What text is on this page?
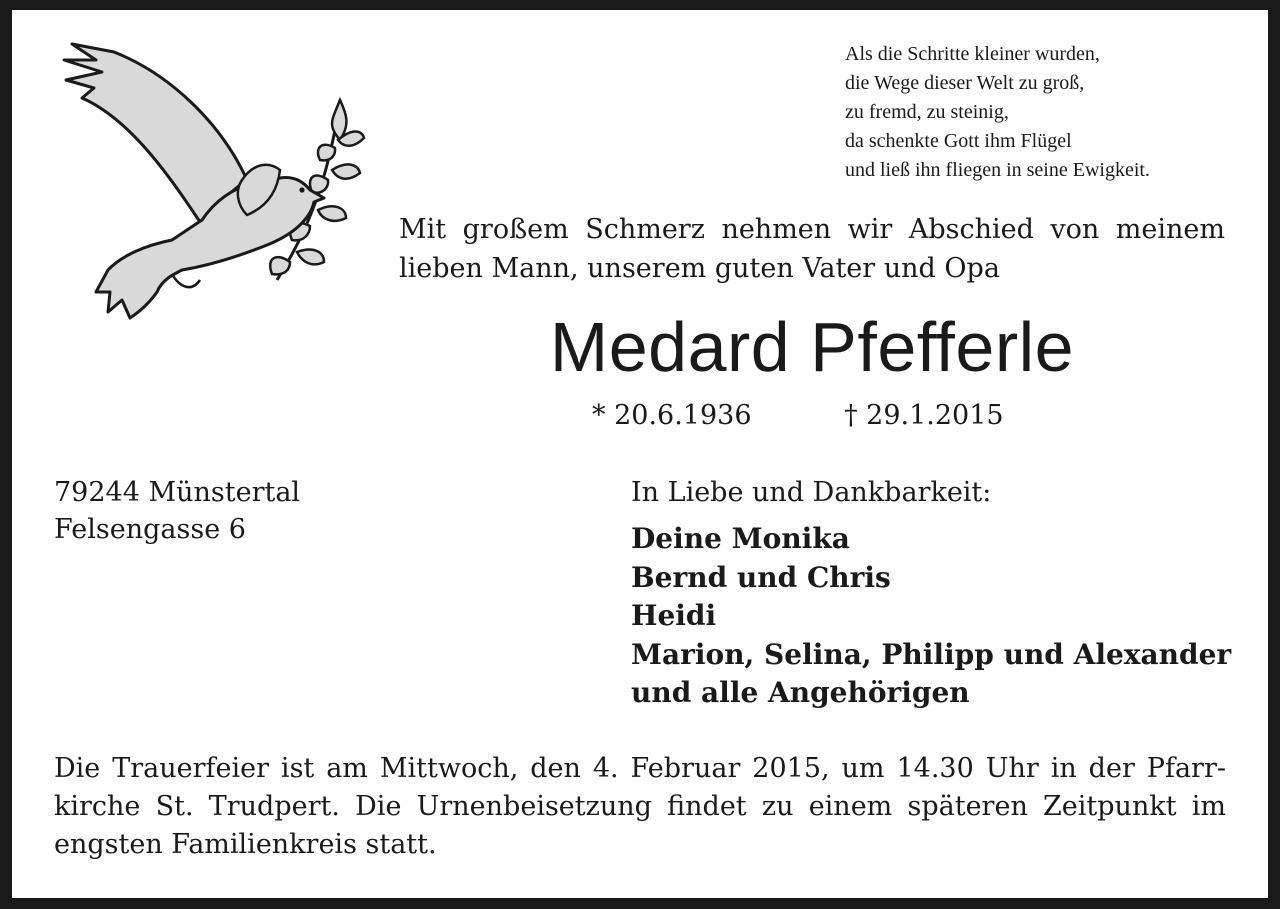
Als die Schritte kleiner wurden,
die Wege dieser Welt zu groß,
zu fremd, zu steinig,
da schenkte Gott ihm Flügel
und ließ ihn fliegen in seine Ewigkeit.
Mit großem Schmerz nehmen wir Abschied von meinem
lieben Mann, unserem guten Vater und Opa
Medard Pfefferle
* 20.6.1936	† 29.1.2015
79244 Münstertal
Felsengasse 6
In Liebe und Dankbarkeit:
Deine Monika
Bernd und Chris
Heidi
Marion, Selina, Philipp und Alexander
und alle Angehörigen
Die Trauerfeier ist am Mittwoch, den 4. Februar 2015, um 14.30 Uhr in der Pfarr-
kirche St. Trudpert. Die Urnenbeisetzung findet zu einem späteren Zeitpunkt im
engsten Familienkreis statt.
